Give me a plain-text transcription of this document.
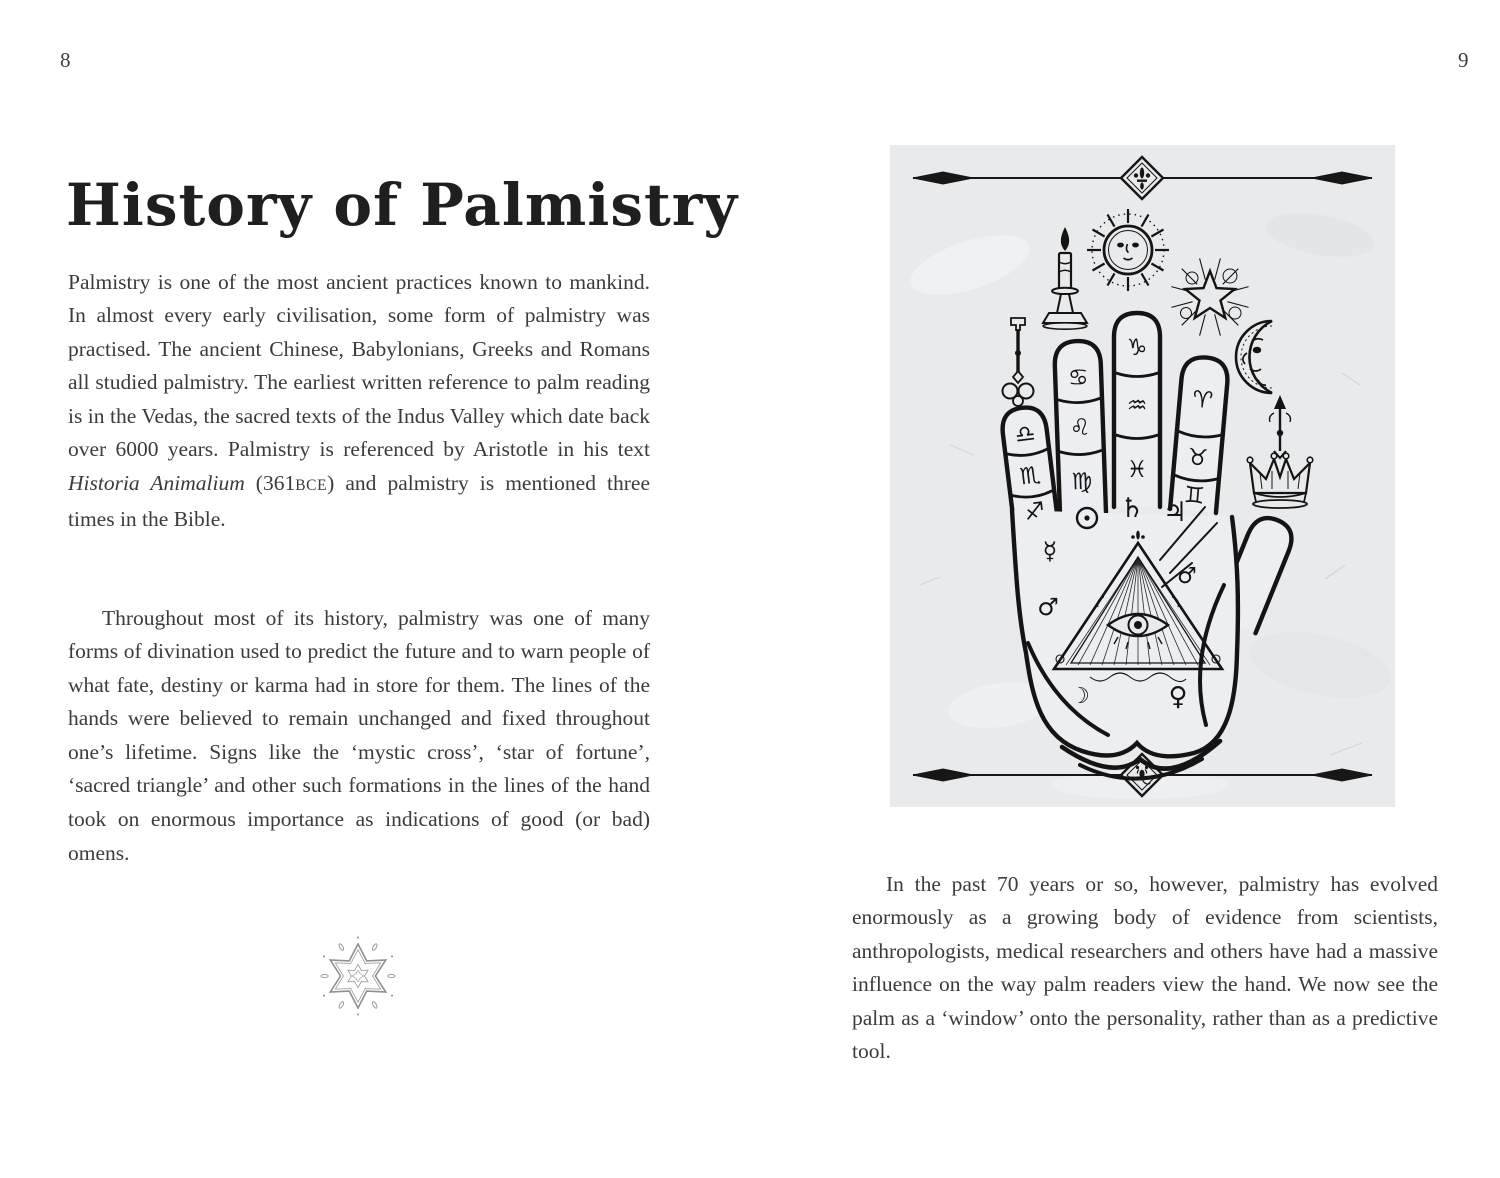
8	9
History of Palmistry

Palmistry is one of the most ancient practices known to mankind. In almost every early civilisation, some form of palmistry was practised. The ancient Chinese, Babylonians, Greeks and Romans all studied palmistry. The earliest written reference to palm reading is in the Vedas, the sacred texts of the Indus Valley which date back over 6000 years. Palmistry is referenced by Aristotle in his text Historia Animalium (361BCE) and palmistry is mentioned three times in the Bible.

Throughout most of its history, palmistry was one of many forms of divination used to predict the future and to warn people of what fate, destiny or karma had in store for them. The lines of the hands were believed to remain unchanged and fixed throughout one’s lifetime. Signs like the ‘mystic cross’, ‘star of fortune’, ‘sacred triangle’ and other such formations in the lines of the hand took on enormous importance as indications of good (or bad) omens.

☿
♄ ♃
♂
♂
☽	♀
♎
♏
♐
♋
♌
♍
♑
♒
♓
♈
♉
♊

In the past 70 years or so, however, palmistry has evolved enormously as a growing body of evidence from scientists, anthropologists, medical researchers and others have had a massive influence on the way palm readers view the hand. We now see the palm as a ‘window’ onto the personality, rather than as a predictive tool.
